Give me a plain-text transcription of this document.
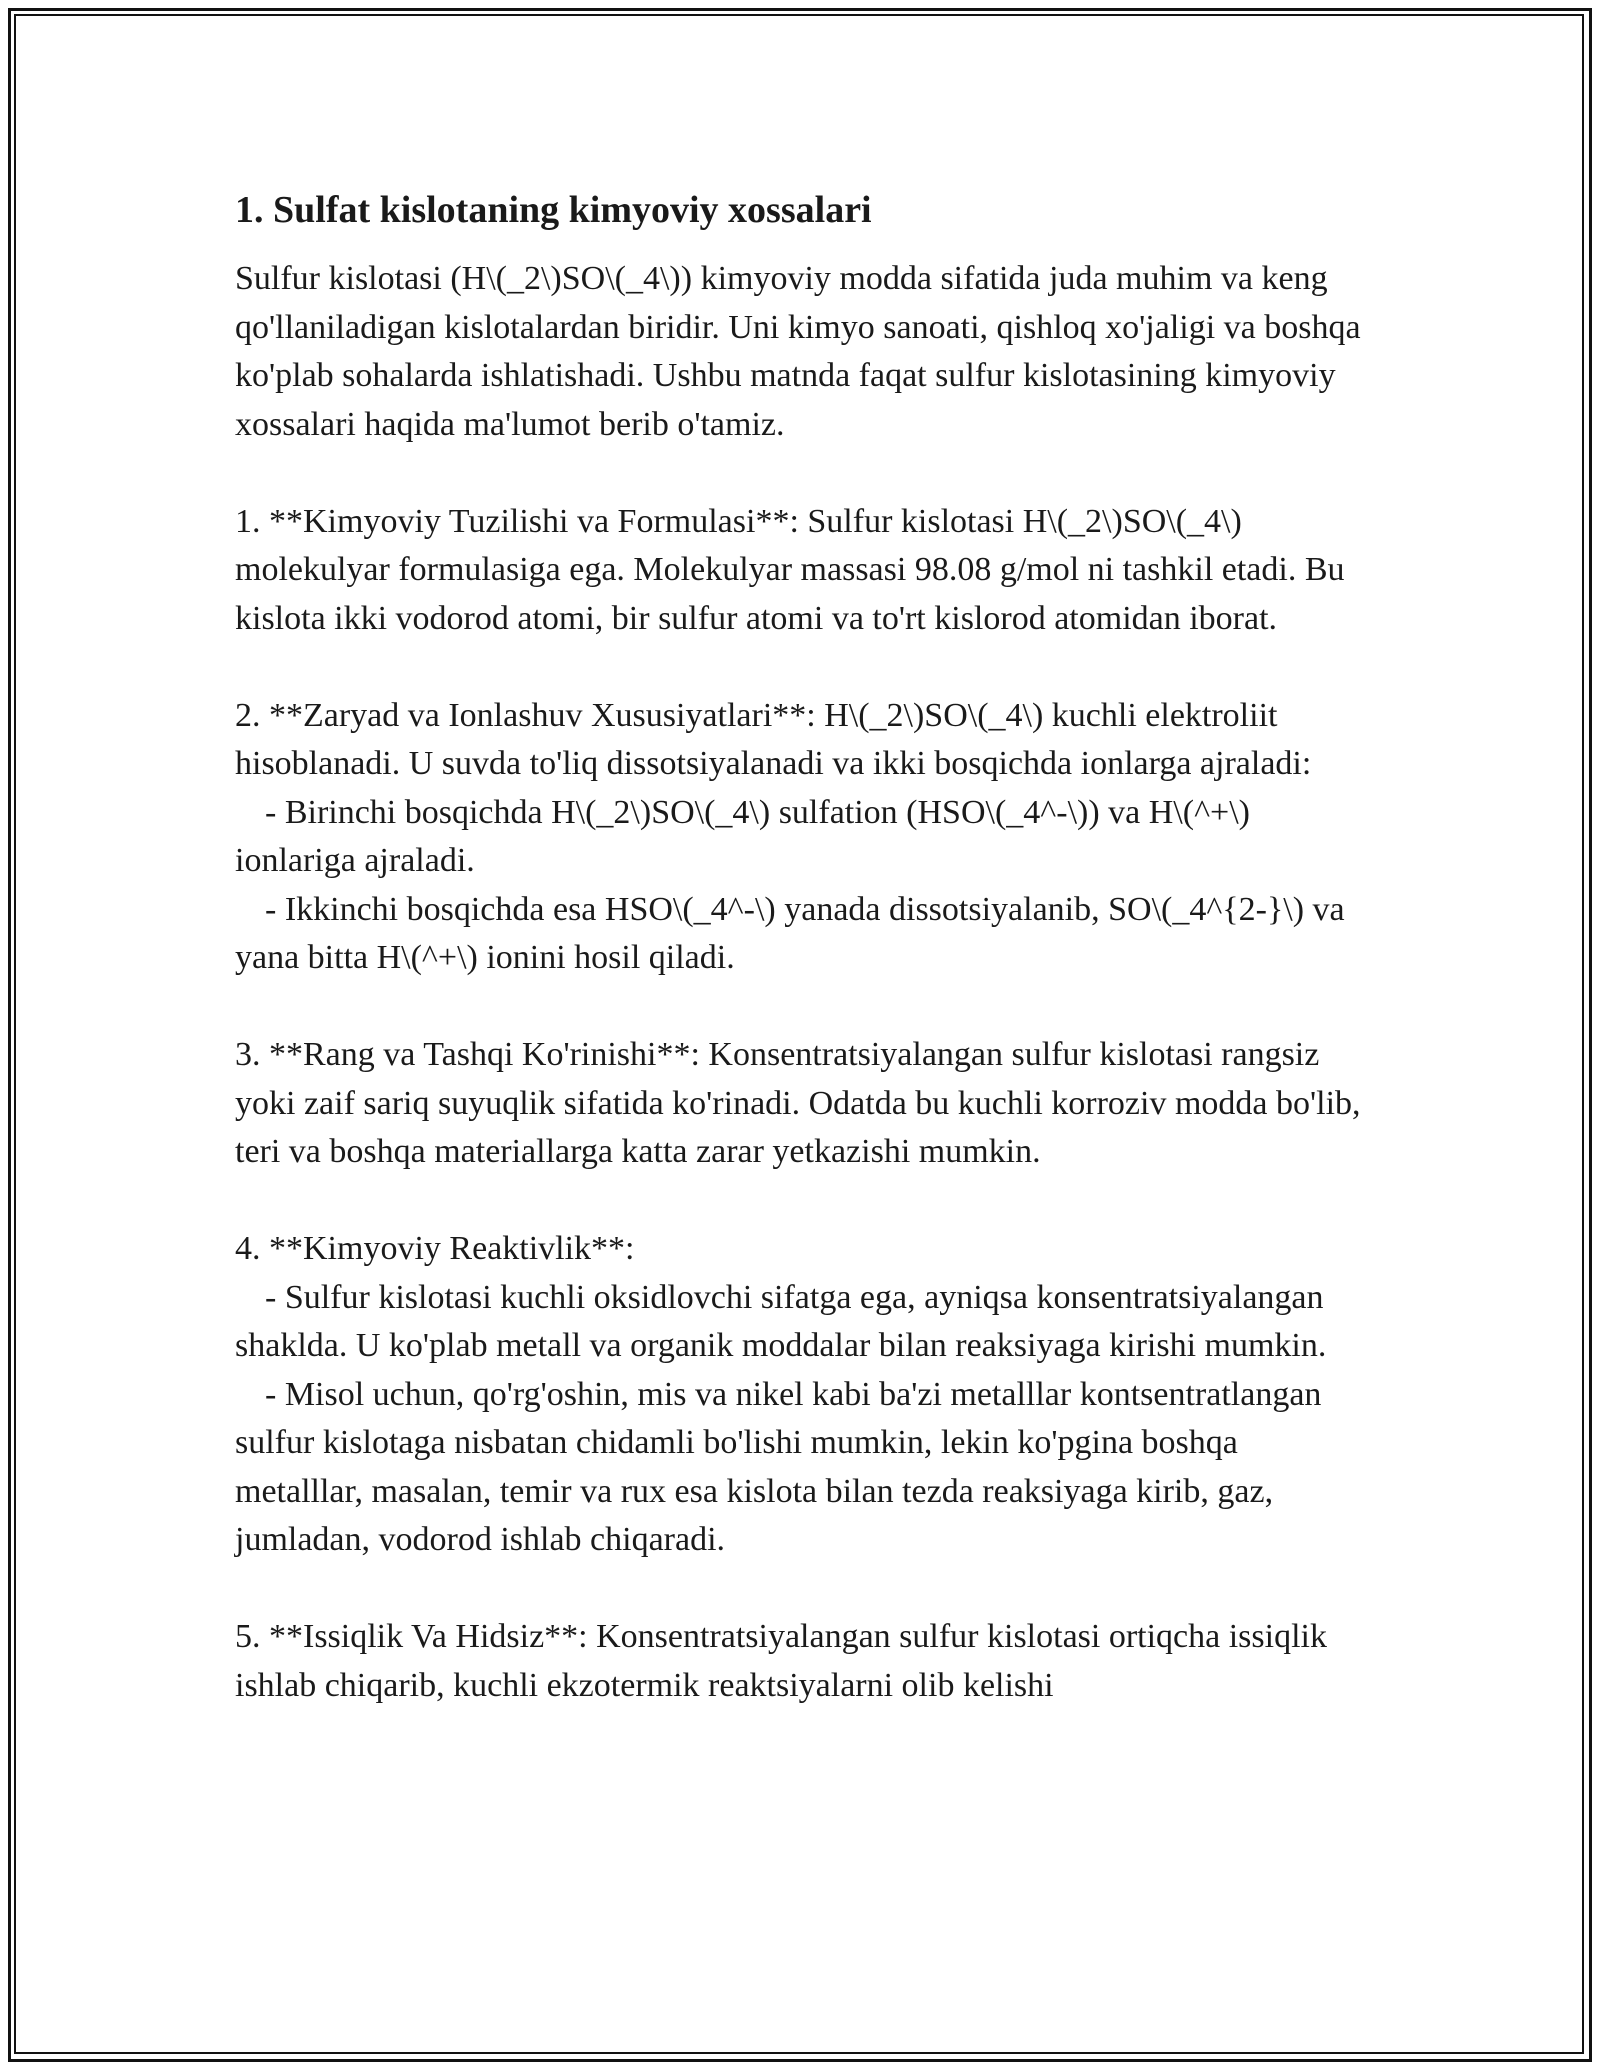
1. Sulfat kislotaning kimyoviy xossalari

Sulfur kislotasi (H\(_2\)SO\(_4\)) kimyoviy modda sifatida juda muhim va keng qo'llaniladigan kislotalardan biridir. Uni kimyo sanoati, qishloq xo'jaligi va boshqa ko'plab sohalarda ishlatishadi. Ushbu matnda faqat sulfur kislotasining kimyoviy xossalari haqida ma'lumot berib o'tamiz.

1. **Kimyoviy Tuzilishi va Formulasi**: Sulfur kislotasi H\(_2\)SO\(_4\) molekulyar formulasiga ega. Molekulyar massasi 98.08 g/mol ni tashkil etadi. Bu kislota ikki vodorod atomi, bir sulfur atomi va to'rt kislorod atomidan iborat.

2. **Zaryad va Ionlashuv Xususiyatlari**: H\(_2\)SO\(_4\) kuchli elektroliit hisoblanadi. U suvda to'liq dissotsiyalanadi va ikki bosqichda ionlarga ajraladi:

- Birinchi bosqichda H\(_2\)SO\(_4\) sulfation (HSO\(_4^-\)) va H\(^+\) ionlariga ajraladi.

- Ikkinchi bosqichda esa HSO\(_4^-\) yanada dissotsiyalanib, SO\(_4^{2-}\) va yana bitta H\(^+\) ionini hosil qiladi.

3. **Rang va Tashqi Ko'rinishi**: Konsentratsiyalangan sulfur kislotasi rangsiz yoki zaif sariq suyuqlik sifatida ko'rinadi. Odatda bu kuchli korroziv modda bo'lib, teri va boshqa materiallarga katta zarar yetkazishi mumkin.

4. **Kimyoviy Reaktivlik**:

- Sulfur kislotasi kuchli oksidlovchi sifatga ega, ayniqsa konsentratsiyalangan shaklda. U ko'plab metall va organik moddalar bilan reaksiyaga kirishi mumkin.

- Misol uchun, qo'rg'oshin, mis va nikel kabi ba'zi metalllar kontsentratlangan sulfur kislotaga nisbatan chidamli bo'lishi mumkin, lekin ko'pgina boshqa metalllar, masalan, temir va rux esa kislota bilan tezda reaksiyaga kirib, gaz, jumladan, vodorod ishlab chiqaradi.

5. **Issiqlik Va Hidsiz**: Konsentratsiyalangan sulfur kislotasi ortiqcha issiqlik ishlab chiqarib, kuchli ekzotermik reaktsiyalarni olib kelishi
